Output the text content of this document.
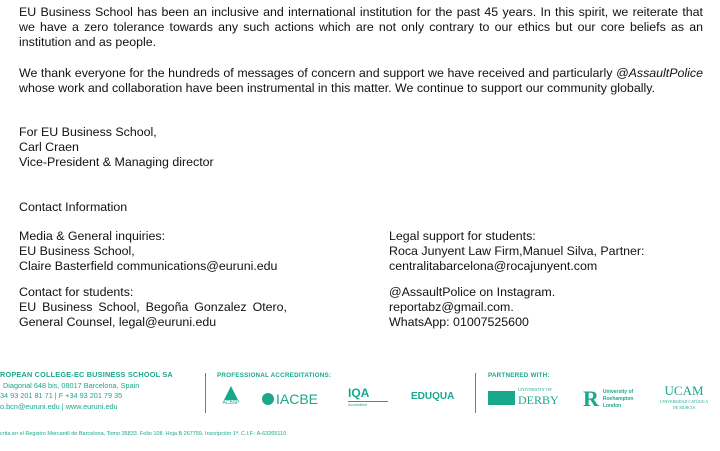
EU Business School has been an inclusive and international institution for the past 45 years. In this spirit, we reiterate that we have a zero tolerance towards any such actions which are not only contrary to our ethics but our core beliefs as an institution and as people.
We thank everyone for the hundreds of messages of concern and support we have received and particularly @AssaultPolice whose work and collaboration have been instrumental in this matter. We continue to support our community globally.
For EU Business School,
Carl Craen
Vice-President & Managing director
Contact Information
Media & General inquiries:
EU Business School,
Claire Basterfield communications@euruni.edu
Contact for students:
EU Business School, Begoña Gonzalez Otero,
General Counsel, legal@euruni.edu
Legal support for students:
Roca Junyent Law Firm,Manuel Silva, Partner:
centralitabarcelona@rocajunyent.com
@AssaultPolice on Instagram.
reportabz@gmail.com.
WhatsApp: 01007525600
ROPEAN COLLEGE-EC BUSINESS SCHOOL SA
Diagonal 648 bis, 08017 Barcelona, Spain
34 93 201 81 71 | F +34 93 201 79 35
o.bcn@euruni.edu | www.euruni.edu
crita en el Registro Mercantil de Barcelona, Tomo 35833. Folio 108. Hoja B 267759. Inscripción 1ª. C.I.F.: A-63265110
PROFESSIONAL ACCREDITATIONS:
ACBSP	IACBE IQA
Accredited
EDUQUA
PARTNERED WITH:
UNIVERSITY OF
DERBY R University of
Roehampton
London
UCAM
UNIVERSIDAD CATÓLICA
DE MURCIA
